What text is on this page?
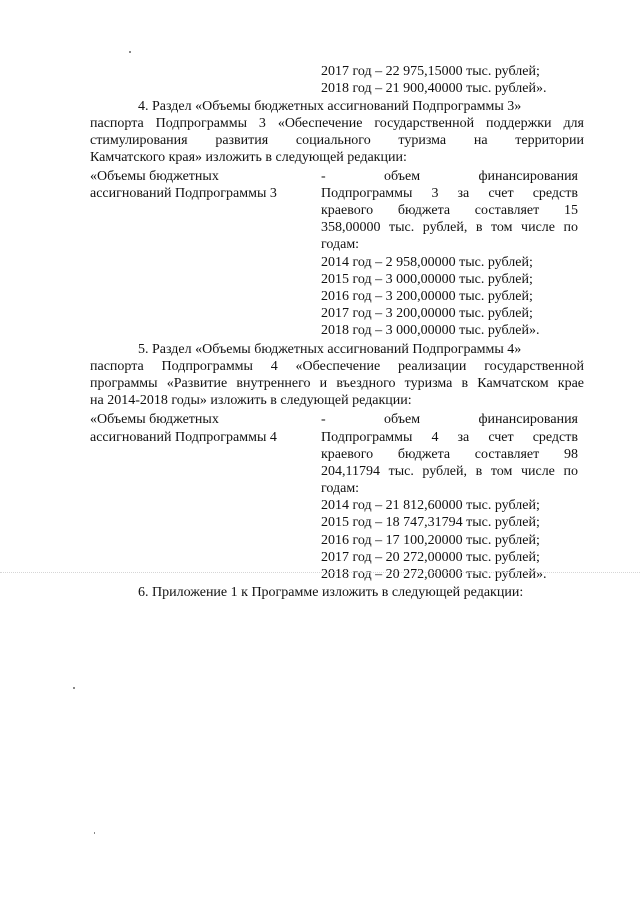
2017 год – 22 975,15000 тыс. рублей;
2018 год – 21 900,40000 тыс. рублей».
4. Раздел «Объемы бюджетных ассигнований Подпрограммы 3»
паспорта Подпрограммы 3 «Обеспечение государственной поддержки для
стимулирования развития социального туризма на территории
Камчатского края» изложить в следующей редакции:
«Объемы бюджетных
ассигнований Подпрограммы 3
- объем финансирования
Подпрограммы 3 за счет средств
краевого бюджета составляет 15
358,00000 тыс. рублей, в том числе по
годам:
2014 год – 2 958,00000 тыс. рублей;
2015 год – 3 000,00000 тыс. рублей;
2016 год – 3 200,00000 тыс. рублей;
2017 год – 3 200,00000 тыс. рублей;
2018 год – 3 000,00000 тыс. рублей».
5. Раздел «Объемы бюджетных ассигнований Подпрограммы 4»
паспорта Подпрограммы 4 «Обеспечение реализации государственной
программы «Развитие внутреннего и въездного туризма в Камчатском крае
на 2014-2018 годы» изложить в следующей редакции:
«Объемы бюджетных
ассигнований Подпрограммы 4
- объем финансирования
Подпрограммы 4 за счет средств
краевого бюджета составляет 98
204,11794 тыс. рублей, в том числе по
годам:
2014 год – 21 812,60000 тыс. рублей;
2015 год – 18 747,31794 тыс. рублей;
2016 год – 17 100,20000 тыс. рублей;
2017 год – 20 272,00000 тыс. рублей;
2018 год – 20 272,00000 тыс. рублей».
6. Приложение 1 к Программе изложить в следующей редакции:
